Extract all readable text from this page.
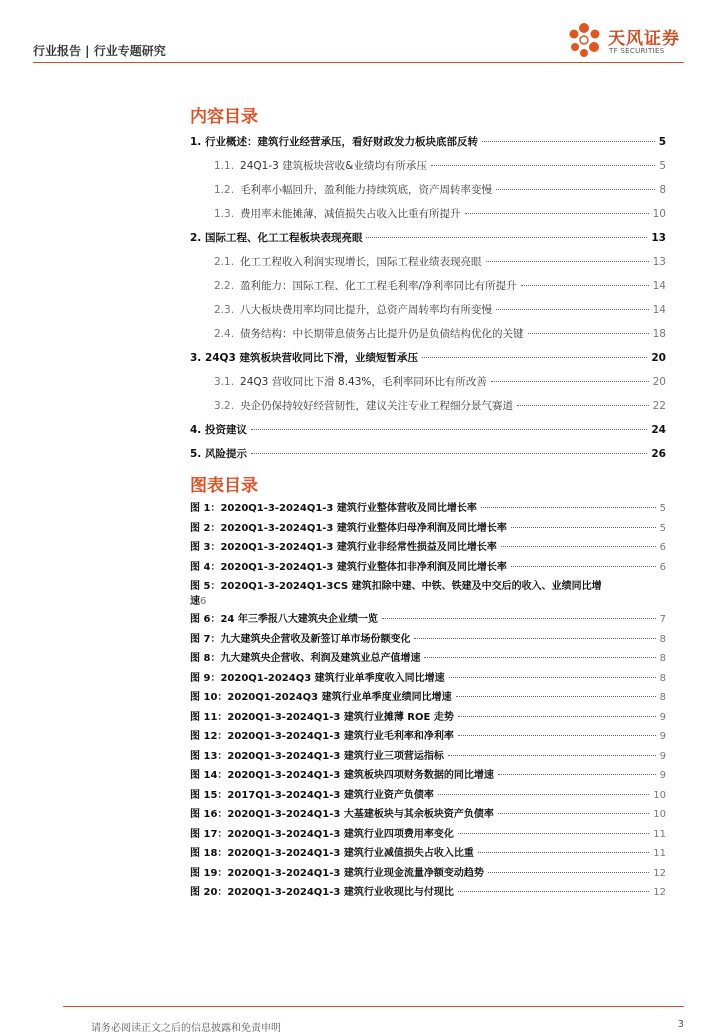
行业报告 | 行业专题研究
天风证券
TF SECURITIES
内容目录
1. 行业概述：建筑行业经营承压，看好财政发力板块底部反转	5
1.1. 24Q1-3 建筑板块营收&业绩均有所承压	5
1.2. 毛利率小幅回升，盈利能力持续筑底，资产周转率变慢	8
1.3. 费用率未能摊薄，减值损失占收入比重有所提升	10
2. 国际工程、化工工程板块表现亮眼	13
2.1. 化工工程收入利润实现增长，国际工程业绩表现亮眼	13
2.2. 盈利能力：国际工程、化工工程毛利率/净利率同比有所提升	14
2.3. 八大板块费用率均同比提升，总资产周转率均有所变慢	14
2.4. 债务结构：中长期带息债务占比提升仍是负债结构优化的关键	18
3. 24Q3 建筑板块营收同比下滑，业绩短暂承压	20
3.1. 24Q3 营收同比下滑 8.43%，毛利率同环比有所改善	20
3.2. 央企仍保持较好经营韧性，建议关注专业工程细分景气赛道	22
4. 投资建议	24
5. 风险提示	26
图表目录
图 1：2020Q1-3-2024Q1-3 建筑行业整体营收及同比增长率	5
图 2：2020Q1-3-2024Q1-3 建筑行业整体归母净利润及同比增长率	5
图 3：2020Q1-3-2024Q1-3 建筑行业非经常性损益及同比增长率	6
图 4：2020Q1-3-2024Q1-3 建筑行业整体扣非净利润及同比增长率	6
图 5：2020Q1-3-2024Q1-3CS 建筑扣除中建、中铁、铁建及中交后的收入、业绩同比增
速 6
图 6：24 年三季报八大建筑央企业绩一览	7
图 7：九大建筑央企营收及新签订单市场份额变化	8
图 8：九大建筑央企营收、利润及建筑业总产值增速	8
图 9：2020Q1-2024Q3 建筑行业单季度收入同比增速	8
图 10：2020Q1-2024Q3 建筑行业单季度业绩同比增速	8
图 11：2020Q1-3-2024Q1-3 建筑行业摊薄 ROE 走势	9
图 12：2020Q1-3-2024Q1-3 建筑行业毛利率和净利率	9
图 13：2020Q1-3-2024Q1-3 建筑行业三项营运指标	9
图 14：2020Q1-3-2024Q1-3 建筑板块四项财务数据的同比增速	9
图 15：2017Q1-3-2024Q1-3 建筑行业资产负债率	10
图 16：2020Q1-3-2024Q1-3 大基建板块与其余板块资产负债率	10
图 17：2020Q1-3-2024Q1-3 建筑行业四项费用率变化	11
图 18：2020Q1-3-2024Q1-3 建筑行业减值损失占收入比重	11
图 19：2020Q1-3-2024Q1-3 建筑行业现金流量净额变动趋势	12
图 20：2020Q1-3-2024Q1-3 建筑行业收现比与付现比	12
请务必阅读正文之后的信息披露和免责申明	3
